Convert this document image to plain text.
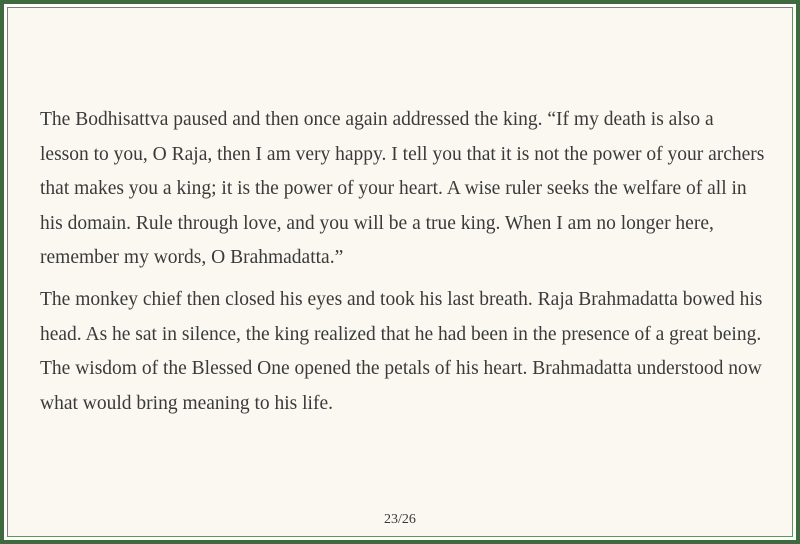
The Bodhisattva paused and then once again addressed the king. “If my death is also a lesson to you, O Raja, then I am very happy. I tell you that it is not the power of your archers that makes you a king; it is the power of your heart. A wise ruler seeks the welfare of all in his domain. Rule through love, and you will be a true king. When I am no longer here, remember my words, O Brahmadatta.”

The monkey chief then closed his eyes and took his last breath. Raja Brahmadatta bowed his head. As he sat in silence, the king realized that he had been in the presence of a great being. The wisdom of the Blessed One opened the petals of his heart. Brahmadatta understood now what would bring meaning to his life.

23/26
